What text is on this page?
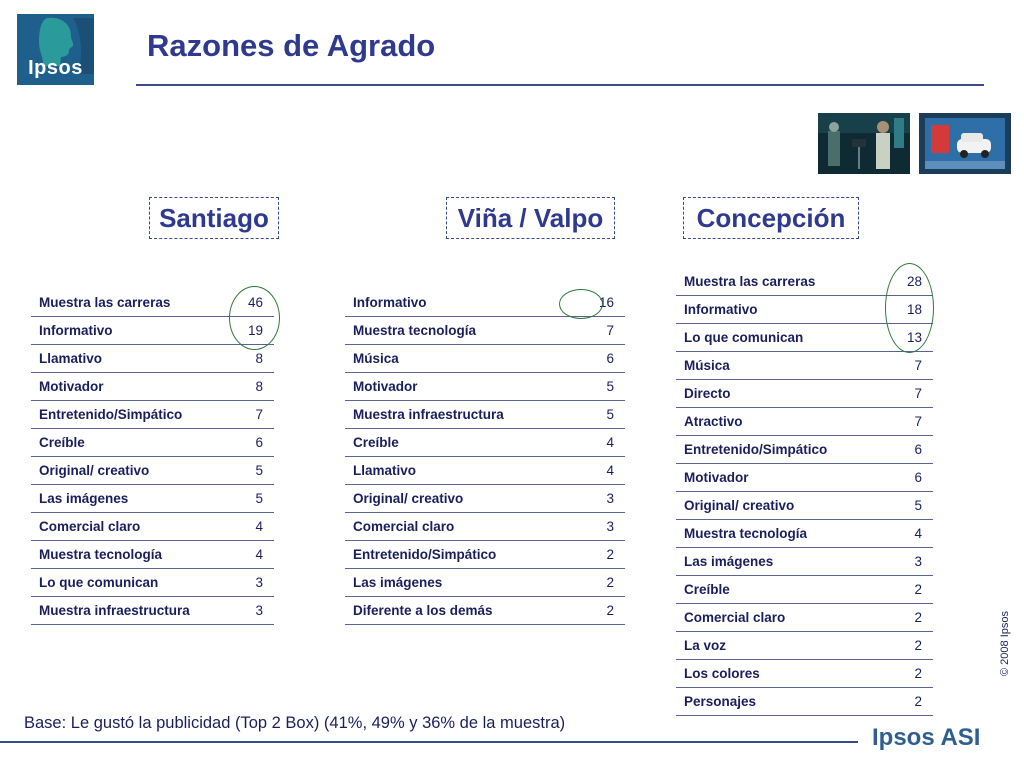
Ipsos
Razones de Agrado
Santiago	Viña / Valpo	Concepción
Muestra las carreras	46
Informativo	19
Llamativo	8
Motivador	8
Entretenido/Simpático	7
Creíble	6
Original/ creativo	5
Las imágenes	5
Comercial claro	4
Muestra tecnología	4
Lo que comunican	3
Muestra infraestructura	3
Informativo	16
Muestra tecnología	7
Música	6
Motivador	5
Muestra infraestructura	5
Creíble	4
Llamativo	4
Original/ creativo	3
Comercial claro	3
Entretenido/Simpático	2
Las imágenes	2
Diferente a los demás	2
Muestra las carreras	28
Informativo	18
Lo que comunican	13
Música	7
Directo	7
Atractivo	7
Entretenido/Simpático	6
Motivador	6
Original/ creativo	5
Muestra tecnología	4
Las imágenes	3
Creíble	2
Comercial claro	2
La voz	2
Los colores	2
Personajes	2
Base: Le gustó la publicidad (Top 2 Box) (41%, 49% y 36% de la muestra)
Ipsos ASI
© 2008 Ipsos
